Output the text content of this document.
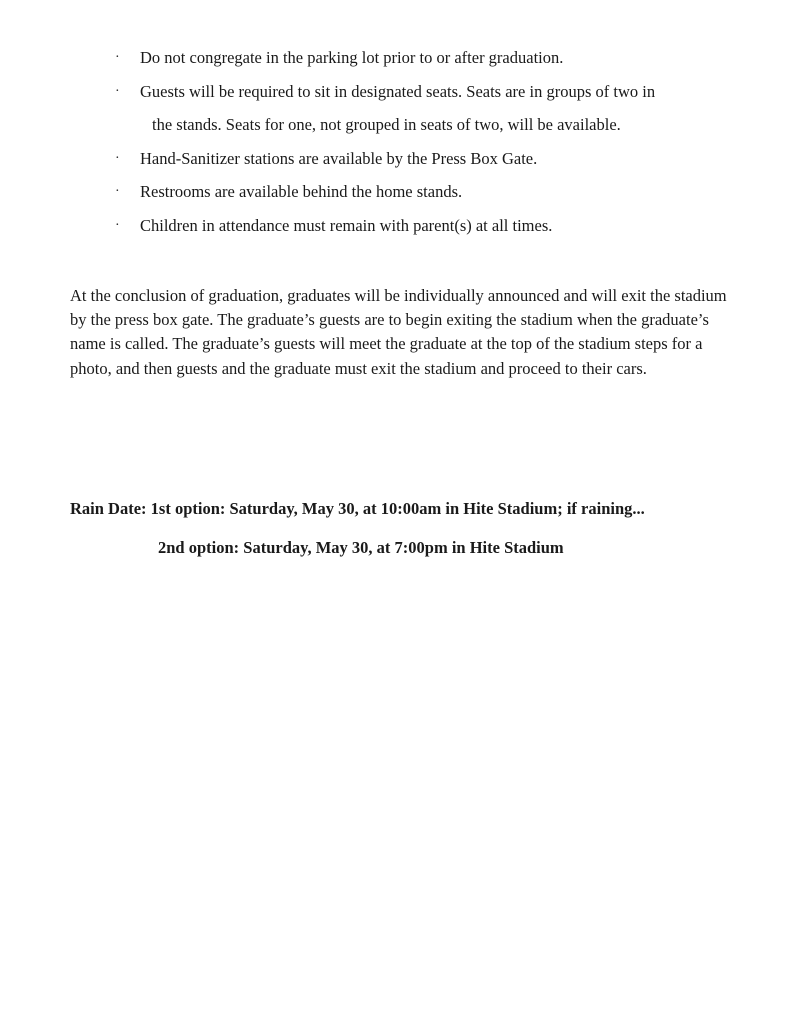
· Do not congregate in the parking lot prior to or after graduation.
· Guests will be required to sit in designated seats. Seats are in groups of two in
the stands. Seats for one, not grouped in seats of two, will be available.
· Hand-Sanitizer stations are available by the Press Box Gate.
· Restrooms are available behind the home stands.
· Children in attendance must remain with parent(s) at all times.

At the conclusion of graduation, graduates will be individually announced and will exit the stadium by the press box gate. The graduate’s guests are to begin exiting the stadium when the graduate’s name is called. The graduate’s guests will meet the graduate at the top of the stadium steps for a photo, and then guests and the graduate must exit the stadium and proceed to their cars.

Rain Date: 1st option: Saturday, May 30, at 10:00am in Hite Stadium; if raining...

2nd option: Saturday, May 30, at 7:00pm in Hite Stadium
